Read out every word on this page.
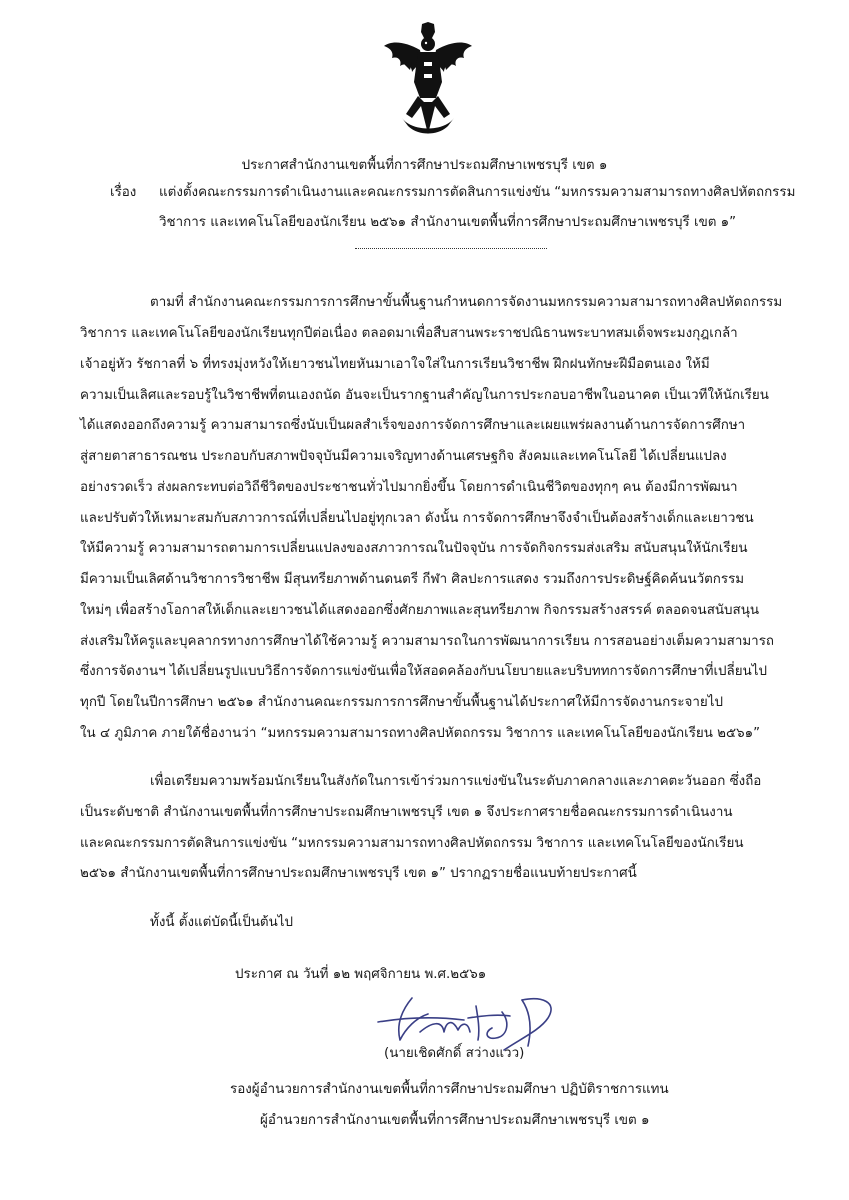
ประกาศสำนักงานเขตพื้นที่การศึกษาประถมศึกษาเพชรบุรี เขต ๑
เรื่อง แต่งตั้งคณะกรรมการดำเนินงานและคณะกรรมการตัดสินการแข่งขัน “มหกรรมความสามารถทางศิลปหัตถกรรม
วิชาการ และเทคโนโลยีของนักเรียน ๒๕๖๑ สำนักงานเขตพื้นที่การศึกษาประถมศึกษาเพชรบุรี เขต ๑”
ตามที่ สำนักงานคณะกรรมการการศึกษาขั้นพื้นฐานกำหนดการจัดงานมหกรรมความสามารถทางศิลปหัตถกรรม
วิชาการ และเทคโนโลยีของนักเรียนทุกปีต่อเนื่อง ตลอดมาเพื่อสืบสานพระราชปณิธานพระบาทสมเด็จพระมงกุฎเกล้า
เจ้าอยู่หัว รัชกาลที่ ๖ ที่ทรงมุ่งหวังให้เยาวชนไทยหันมาเอาใจใส่ในการเรียนวิชาชีพ ฝึกฝนทักษะฝีมือตนเอง ให้มี
ความเป็นเลิศและรอบรู้ในวิชาชีพที่ตนเองถนัด อันจะเป็นรากฐานสำคัญในการประกอบอาชีพในอนาคต เป็นเวทีให้นักเรียน
ได้แสดงออกถึงความรู้ ความสามารถซึ่งนับเป็นผลสำเร็จของการจัดการศึกษาและเผยแพร่ผลงานด้านการจัดการศึกษา
สู่สายตาสาธารณชน ประกอบกับสภาพปัจจุบันมีความเจริญทางด้านเศรษฐกิจ สังคมและเทคโนโลยี ได้เปลี่ยนแปลง
อย่างรวดเร็ว ส่งผลกระทบต่อวิถีชีวิตของประชาชนทั่วไปมากยิ่งขึ้น โดยการดำเนินชีวิตของทุกๆ คน ต้องมีการพัฒนา
และปรับตัวให้เหมาะสมกับสภาวการณ์ที่เปลี่ยนไปอยู่ทุกเวลา ดังนั้น การจัดการศึกษาจึงจำเป็นต้องสร้างเด็กและเยาวชน
ให้มีความรู้ ความสามารถตามการเปลี่ยนแปลงของสภาวการณในปัจจุบัน การจัดกิจกรรมส่งเสริม สนับสนุนให้นักเรียน
มีความเป็นเลิศด้านวิชาการวิชาชีพ มีสุนทรียภาพด้านดนตรี กีฬา ศิลปะการแสดง รวมถึงการประดิษฐ์คิดค้นนวัตกรรม
ใหม่ๆ เพื่อสร้างโอกาสให้เด็กและเยาวชนได้แสดงออกซึ่งศักยภาพและสุนทรียภาพ กิจกรรมสร้างสรรค์ ตลอดจนสนับสนุน
ส่งเสริมให้ครูและบุคลากรทางการศึกษาได้ใช้ความรู้ ความสามารถในการพัฒนาการเรียน การสอนอย่างเต็มความสามารถ
ซึ่งการจัดงานฯ ได้เปลี่ยนรูปแบบวิธีการจัดการแข่งขันเพื่อให้สอดคล้องกับนโยบายและบริบททการจัดการศึกษาที่เปลี่ยนไป
ทุกปี โดยในปีการศึกษา ๒๕๖๑ สำนักงานคณะกรรมการการศึกษาขั้นพื้นฐานได้ประกาศให้มีการจัดงานกระจายไป
ใน ๔ ภูมิภาค ภายใต้ชื่องานว่า “มหกรรมความสามารถทางศิลปหัตถกรรม วิชาการ และเทคโนโลยีของนักเรียน ๒๕๖๑”
เพื่อเตรียมความพร้อมนักเรียนในสังกัดในการเข้าร่วมการแข่งขันในระดับภาคกลางและภาคตะวันออก ซึ่งถือ
เป็นระดับชาติ สำนักงานเขตพื้นที่การศึกษาประถมศึกษาเพชรบุรี เขต ๑ จึงประกาศรายชื่อคณะกรรมการดำเนินงาน
และคณะกรรมการตัดสินการแข่งขัน “มหกรรมความสามารถทางศิลปหัตถกรรม วิชาการ และเทคโนโลยีของนักเรียน
๒๕๖๑ สำนักงานเขตพื้นที่การศึกษาประถมศึกษาเพชรบุรี เขต ๑” ปรากฏรายชื่อแนบท้ายประกาศนี้
ทั้งนี้ ตั้งแต่บัดนี้เป็นต้นไป
ประกาศ ณ วันที่ ๑๒ พฤศจิกายน พ.ศ.๒๕๖๑
(นายเชิดศักดิ์ สว่างแวว)
รองผู้อำนวยการสำนักงานเขตพื้นที่การศึกษาประถมศึกษา ปฏิบัติราชการแทน
ผู้อำนวยการสำนักงานเขตพื้นที่การศึกษาประถมศึกษาเพชรบุรี เขต ๑
